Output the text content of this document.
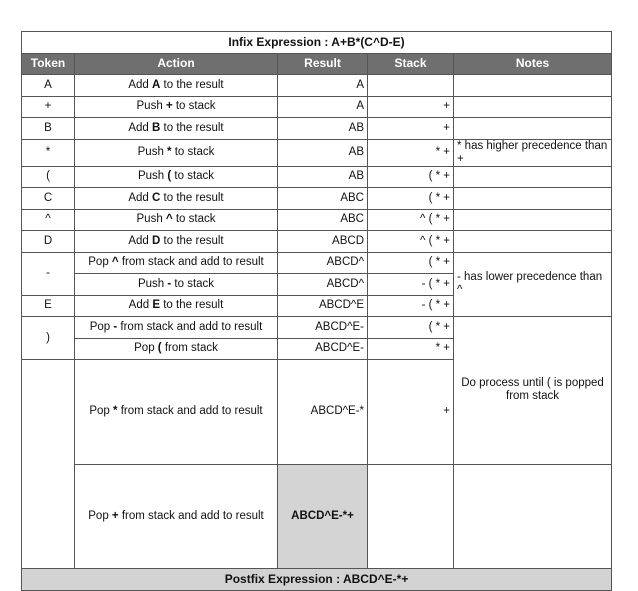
Infix Expression : A+B*(C^D-E)					
Token	Action	Result	Stack	Notes	
A	Add A to the result	A			
+	Push + to stack	A	+		
B	Add B to the result	AB	+		
*	Push * to stack	AB	* +	* has higher precedence than +	
(	Push ( to stack	AB	( * +		
C	Add C to the result	ABC	( * +		
^	Push ^ to stack	ABC	^ ( * +		
D	Add D to the result	ABCD	^ ( * +		
-	Pop ^ from stack and add to result	ABCD^	( * +	- has lower precedence than ^	
	Push - to stack	ABCD^	- ( * +		
E	Add E to the result	ABCD^E	- ( * +		
)	Pop - from stack and add to result	ABCD^E-	( * +	Do process until ( is popped from stack	
	Pop ( from stack	ABCD^E-	* +		
	Pop * from stack and add to result	ABCD^E-*	+	
	Pop + from stack and add to result	ABCD^E-*+			
Postfix Expression : ABCD^E-*+					
